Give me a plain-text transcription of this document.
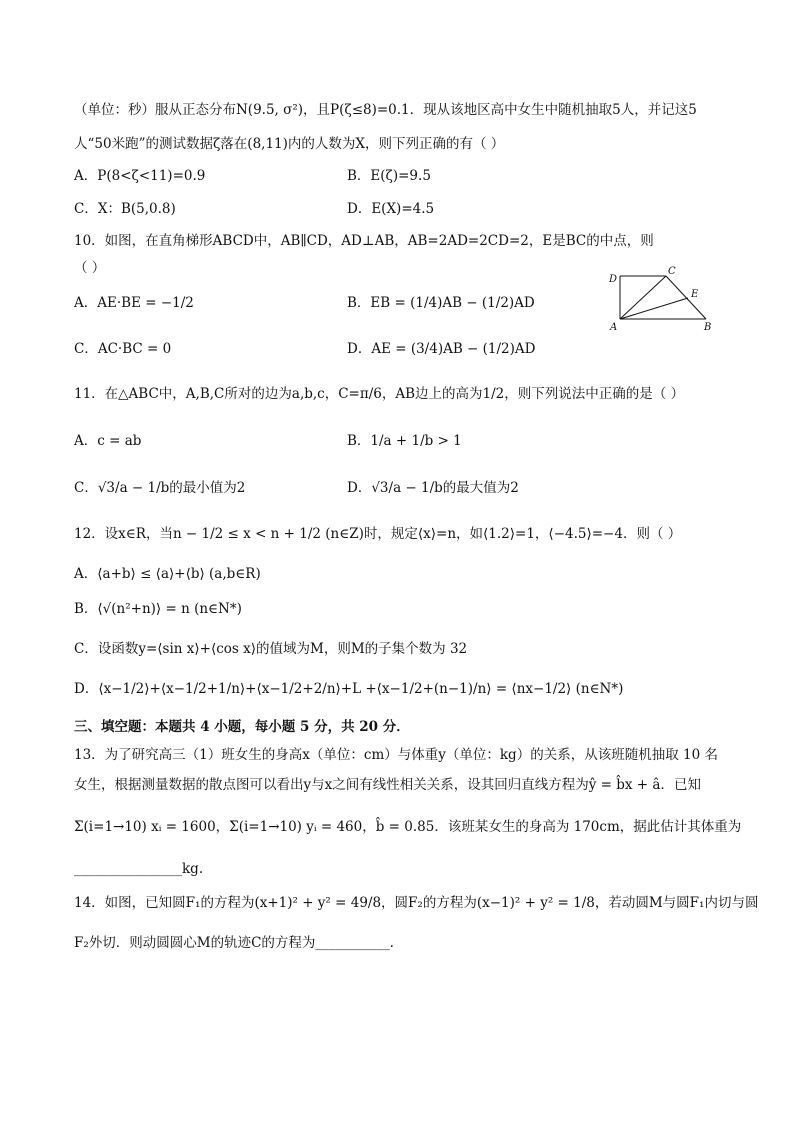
（单位：秒）服从正态分布N(9.5, σ²)，且P(ζ≤8)=0.1．现从该地区高中女生中随机抽取5人，并记这5
人“50米跑”的测试数据ζ落在(8,11)内的人数为X，则下列正确的有（ ）
A．P(8<ζ<11)=0.9	B．E(ζ)=9.5
C．X：B(5,0.8)	D．E(X)=4.5
10．如图，在直角梯形ABCD中，AB∥CD，AD⊥AB，AB=2AD=2CD=2，E是BC的中点，则
（ ）
A．AE·BE = −1/2	B．EB = (1/4)AB − (1/2)AD
C．AC·BC = 0	D．AE = (3/4)AB − (1/2)AD
D
C
E
A	B
11．在△ABC中，A,B,C所对的边为a,b,c，C=π/6，AB边上的高为1/2，则下列说法中正确的是（ ）
A．c = ab	B．1/a + 1/b > 1
C．√3/a − 1/b的最小值为2	D．√3/a − 1/b的最大值为2
12．设x∈R，当n − 1/2 ≤ x < n + 1/2 (n∈Z)时，规定⟨x⟩=n，如⟨1.2⟩=1，⟨−4.5⟩=−4．则（ ）
A．⟨a+b⟩ ≤ ⟨a⟩+⟨b⟩ (a,b∈R)
B．⟨√(n²+n)⟩ = n (n∈N*)
C．设函数y=⟨sin x⟩+⟨cos x⟩的值域为M，则M的子集个数为 32
D．⟨x−1/2⟩+⟨x−1/2+1/n⟩+⟨x−1/2+2/n⟩+L +⟨x−1/2+(n−1)/n⟩ = ⟨nx−1/2⟩ (n∈N*)
三、填空题：本题共 4 小题，每小题 5 分，共 20 分．
13．为了研究高三（1）班女生的身高x（单位：cm）与体重y（单位：kg）的关系，从该班随机抽取 10 名
女生，根据测量数据的散点图可以看出y与x之间有线性相关关系，设其回归直线方程为ŷ = b̂x + â．已知
Σ(i=1→10) xᵢ = 1600，Σ(i=1→10) yᵢ = 460，b̂ = 0.85．该班某女生的身高为 170cm，据此估计其体重为
________________kg.
14．如图，已知圆F₁的方程为(x+1)² + y² = 49/8，圆F₂的方程为(x−1)² + y² = 1/8，若动圆M与圆F₁内切与圆
F₂外切．则动圆圆心M的轨迹C的方程为___________.
